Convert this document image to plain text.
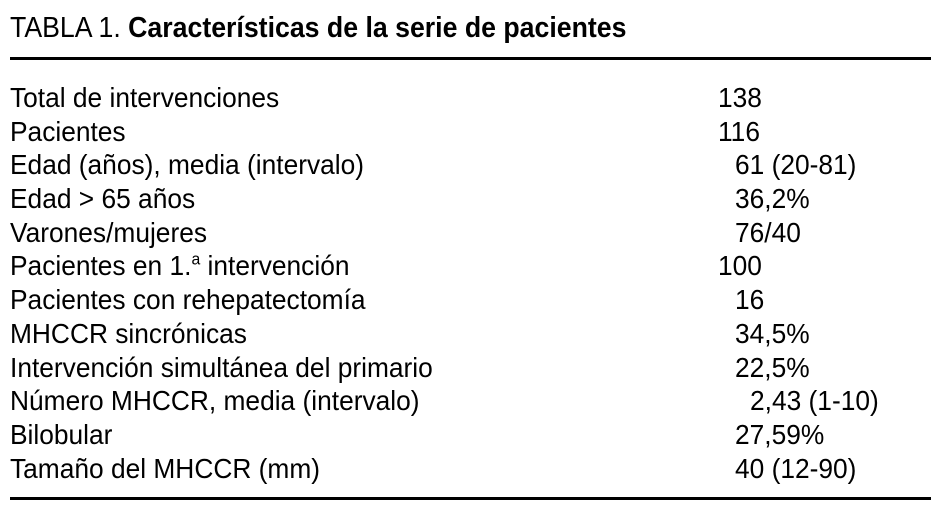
TABLA 1. Características de la serie de pacientes
Total de intervenciones	138
Pacientes	116
Edad (años), media (intervalo)	61 (20-81)
Edad > 65 años	36,2%
Varones/mujeres	76/40
Pacientes en 1.$^a$ intervención	100
Pacientes con rehepatectomía	16
MHCCR sincrónicas	34,5%
Intervención simultánea del primario	22,5%
Número MHCCR, media (intervalo)	2,43 (1-10)
Bilobular	27,59%
Tamaño del MHCCR (mm)	40 (12-90)
